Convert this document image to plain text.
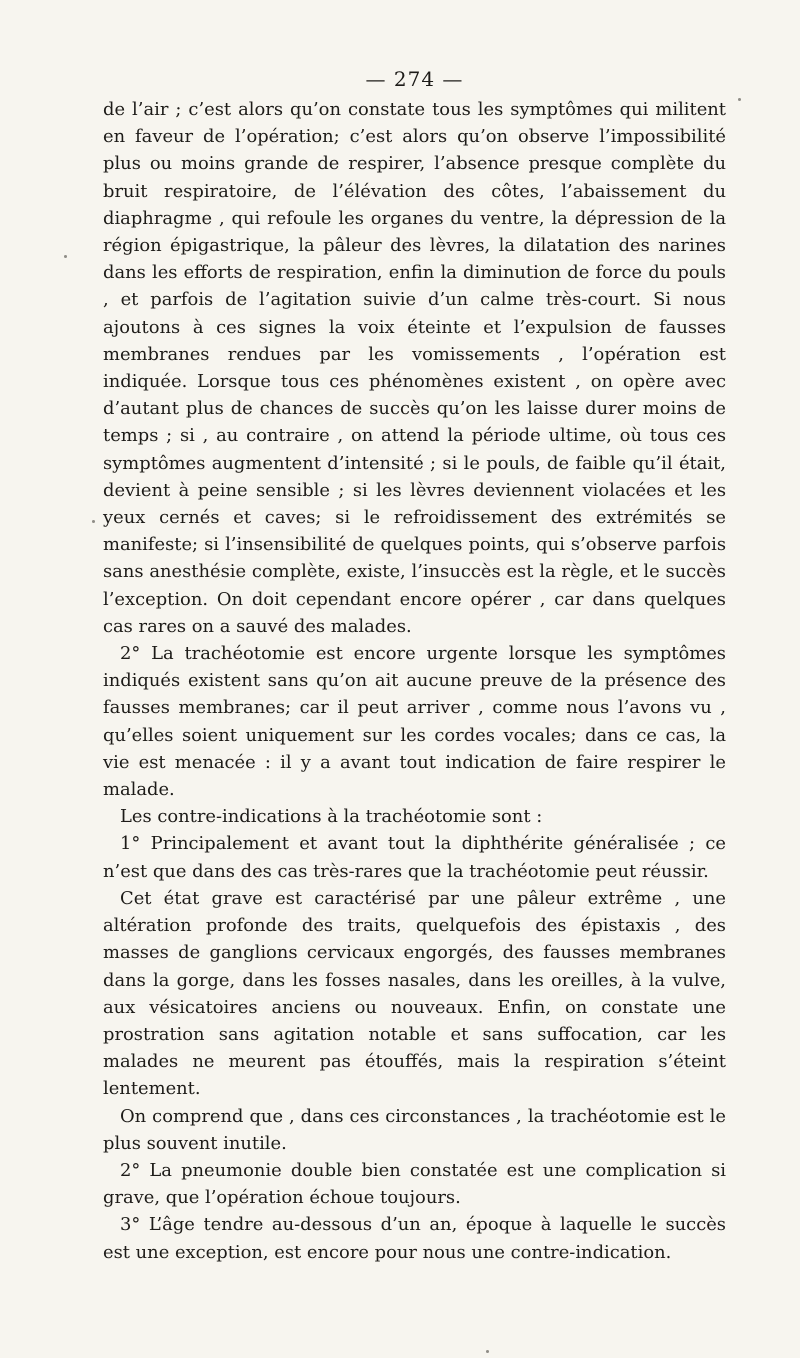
— 274 —

de l’air ; c’est alors qu’on constate tous les symptômes qui militent en faveur de l’opération; c’est alors qu’on observe l’impossibilité plus ou moins grande de respirer, l’absence presque complète du bruit respiratoire, de l’élévation des côtes, l’abaissement du diaphragme , qui refoule les organes du ventre, la dépression de la région épigastrique, la pâleur des lèvres, la dilatation des narines dans les efforts de respiration, enfin la diminution de force du pouls , et parfois de l’agitation suivie d’un calme très-court. Si nous ajoutons à ces signes la voix éteinte et l’expulsion de fausses membranes rendues par les vomissements , l’opération est indiquée. Lorsque tous ces phénomènes existent , on opère avec d’autant plus de chances de succès qu’on les laisse durer moins de temps ; si , au contraire , on attend la période ultime, où tous ces symptômes augmentent d’intensité ; si le pouls, de faible qu’il était, devient à peine sensible ; si les lèvres deviennent violacées et les yeux cernés et caves; si le refroidissement des extrémités se manifeste; si l’insensibilité de quelques points, qui s’observe parfois sans anesthésie complète, existe, l’insuccès est la règle, et le succès l’exception. On doit cependant encore opérer , car dans quelques cas rares on a sauvé des malades.

2° La trachéotomie est encore urgente lorsque les symptômes indiqués existent sans qu’on ait aucune preuve de la présence des fausses membranes; car il peut arriver , comme nous l’avons vu , qu’elles soient uniquement sur les cordes vocales; dans ce cas, la vie est menacée : il y a avant tout indication de faire respirer le malade.

Les contre-indications à la trachéotomie sont :

1° Principalement et avant tout la diphthérite généralisée ; ce n’est que dans des cas très-rares que la trachéotomie peut réussir.

Cet état grave est caractérisé par une pâleur extrême , une altération profonde des traits, quelquefois des épistaxis , des masses de ganglions cervicaux engorgés, des fausses membranes dans la gorge, dans les fosses nasales, dans les oreilles, à la vulve, aux vésicatoires anciens ou nouveaux. Enfin, on constate une prostration sans agitation notable et sans suffocation, car les malades ne meurent pas étouffés, mais la respiration s’éteint lentement.

On comprend que , dans ces circonstances , la trachéotomie est le plus souvent inutile.

2° La pneumonie double bien constatée est une complication si grave, que l’opération échoue toujours.

3° L’âge tendre au-dessous d’un an, époque à laquelle le succès est une exception, est encore pour nous une contre-indication.
